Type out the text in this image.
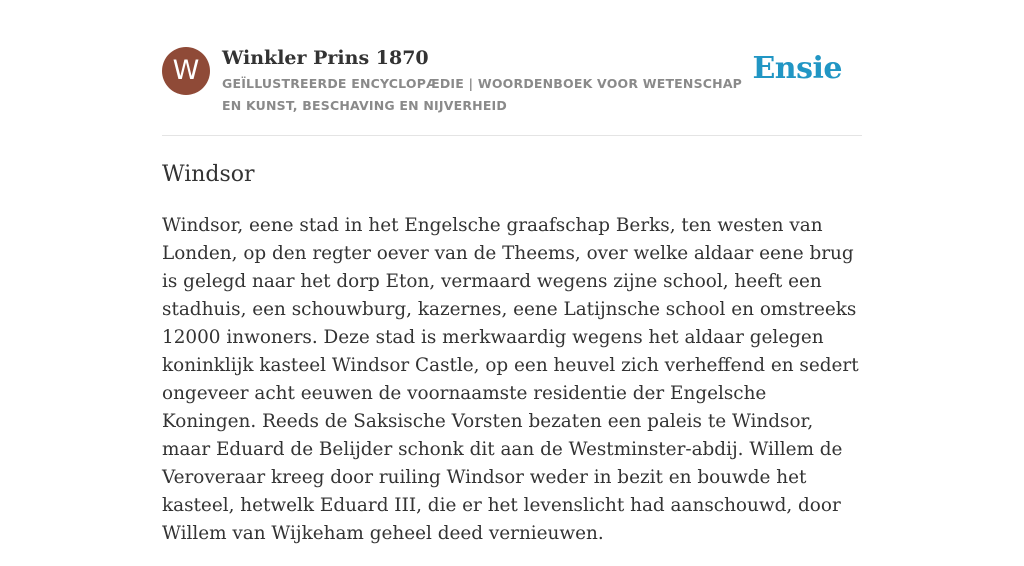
W	Winkler Prins 1870
GEÏLLUSTREERDE ENCYCLOPÆDIE | WOORDENBOEK VOOR WETENSCHAP EN KUNST, BESCHAVING EN NIJVERHEID
Ensie
Windsor

Windsor, eene stad in het Engelsche graafschap Berks, ten westen van Londen, op den regter oever van de Theems, over welke aldaar eene brug is gelegd naar het dorp Eton, vermaard wegens zijne school, heeft een stadhuis, een schouwburg, kazernes, eene Latijnsche school en omstreeks 12000 inwoners. Deze stad is merkwaardig wegens het aldaar gelegen koninklijk kasteel Windsor Castle, op een heuvel zich verheffend en sedert ongeveer acht eeuwen de voornaamste residentie der Engelsche Koningen. Reeds de Saksische Vorsten bezaten een paleis te Windsor, maar Eduard de Belijder schonk dit aan de Westminster-abdij. Willem de Veroveraar kreeg door ruiling Windsor weder in bezit en bouwde het kasteel, hetwelk Eduard III, die er het levenslicht had aanschouwd, door Willem van Wijkeham geheel deed vernieuwen.
